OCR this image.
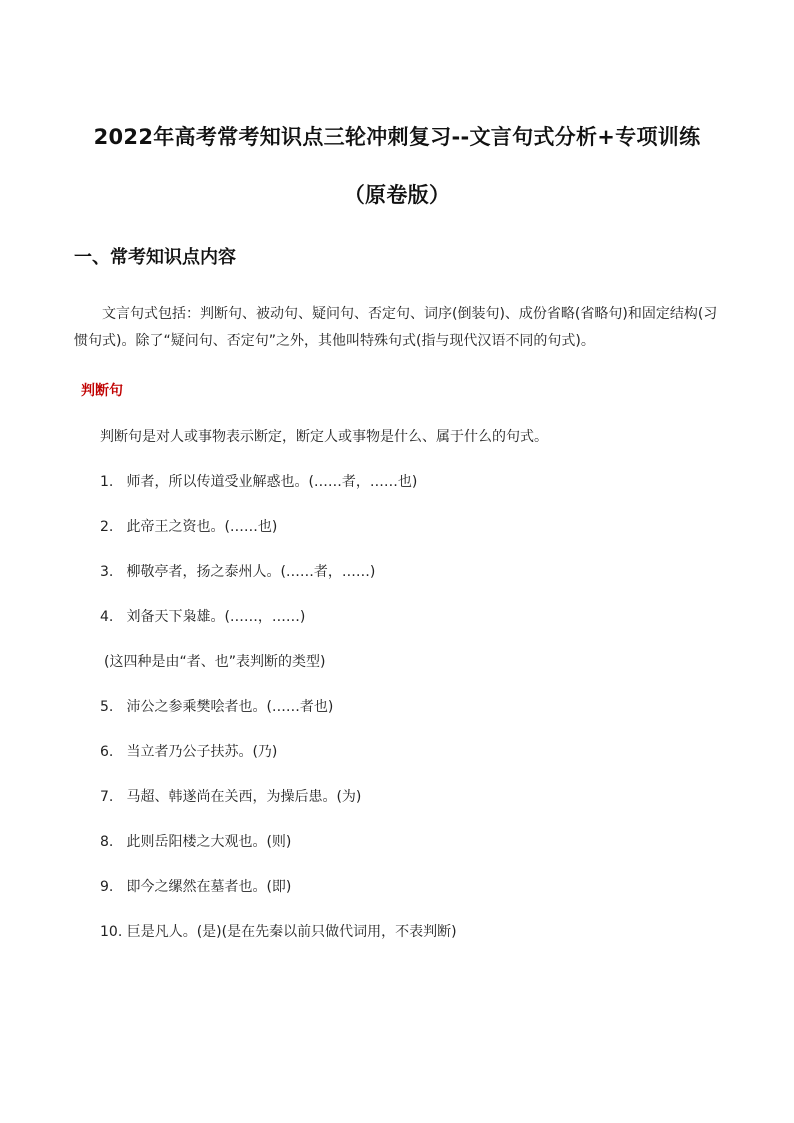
2022年高考常考知识点三轮冲刺复习--文言句式分析+专项训练
（原卷版）
一、常考知识点内容
文言句式包括：判断句、被动句、疑问句、否定句、词序(倒装句)、成份省略(省略句)和固定结构(习惯句式)。除了“疑问句、否定句”之外，其他叫特殊句式(指与现代汉语不同的句式)。
判断句
判断句是对人或事物表示断定，断定人或事物是什么、属于什么的句式。
1. 师者，所以传道受业解惑也。(……者，……也)
2. 此帝王之资也。(……也)
3. 柳敬亭者，扬之泰州人。(……者，……)
4. 刘备天下枭雄。(……，……)
(这四种是由“者、也”表判断的类型)
5. 沛公之参乘樊哙者也。(……者也)
6. 当立者乃公子扶苏。(乃)
7. 马超、韩遂尚在关西，为操后患。(为)
8. 此则岳阳楼之大观也。(则)
9. 即今之缧然在墓者也。(即)
10. 巨是凡人。(是)(是在先秦以前只做代词用，不表判断)
